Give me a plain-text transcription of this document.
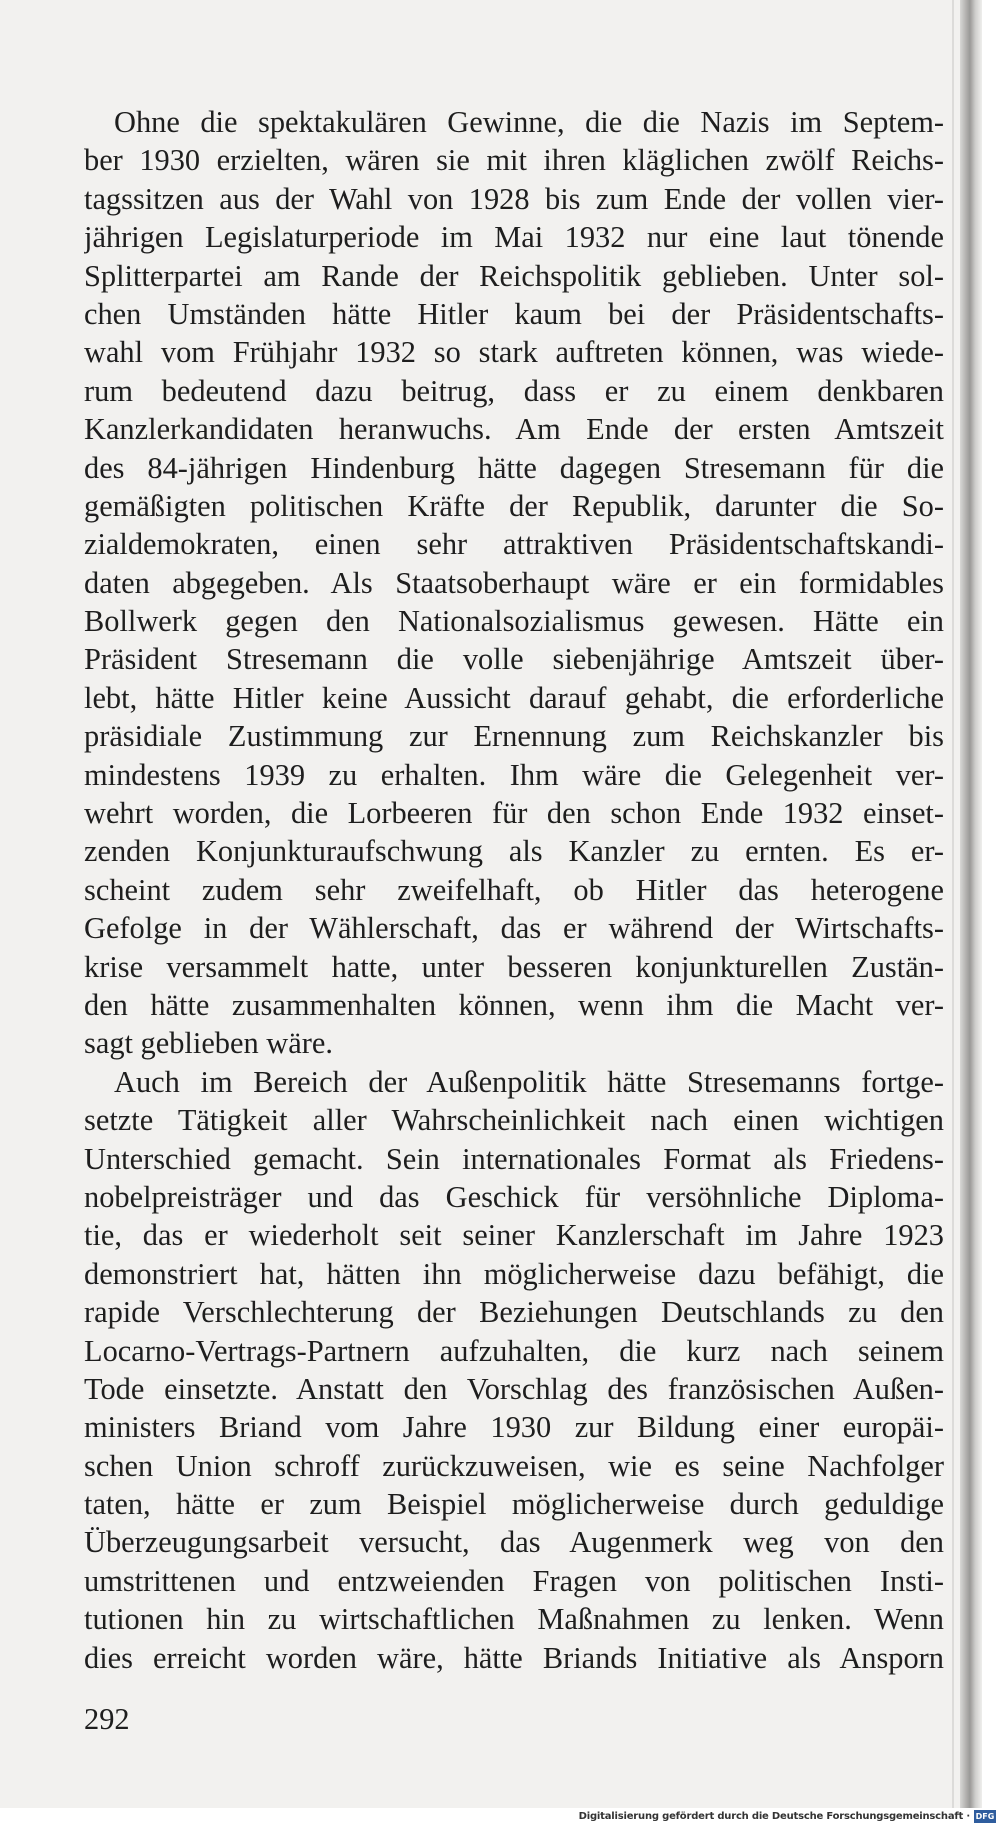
Ohne die spektakulären Gewinne, die die Nazis im Septem-
ber 1930 erzielten, wären sie mit ihren kläglichen zwölf Reichs-
tagssitzen aus der Wahl von 1928 bis zum Ende der vollen vier-
jährigen Legislaturperiode im Mai 1932 nur eine laut tönende
Splitterpartei am Rande der Reichspolitik geblieben. Unter sol-
chen Umständen hätte Hitler kaum bei der Präsidentschafts-
wahl vom Frühjahr 1932 so stark auftreten können, was wiede-
rum bedeutend dazu beitrug, dass er zu einem denkbaren
Kanzlerkandidaten heranwuchs. Am Ende der ersten Amtszeit
des 84-jährigen Hindenburg hätte dagegen Stresemann für die
gemäßigten politischen Kräfte der Republik, darunter die So-
zialdemokraten, einen sehr attraktiven Präsidentschaftskandi-
daten abgegeben. Als Staatsoberhaupt wäre er ein formidables
Bollwerk gegen den Nationalsozialismus gewesen. Hätte ein
Präsident Stresemann die volle siebenjährige Amtszeit über-
lebt, hätte Hitler keine Aussicht darauf gehabt, die erforderliche
präsidiale Zustimmung zur Ernennung zum Reichskanzler bis
mindestens 1939 zu erhalten. Ihm wäre die Gelegenheit ver-
wehrt worden, die Lorbeeren für den schon Ende 1932 einset-
zenden Konjunkturaufschwung als Kanzler zu ernten. Es er-
scheint zudem sehr zweifelhaft, ob Hitler das heterogene
Gefolge in der Wählerschaft, das er während der Wirtschafts-
krise versammelt hatte, unter besseren konjunkturellen Zustän-
den hätte zusammenhalten können, wenn ihm die Macht ver-
sagt geblieben wäre.
Auch im Bereich der Außenpolitik hätte Stresemanns fortge-
setzte Tätigkeit aller Wahrscheinlichkeit nach einen wichtigen
Unterschied gemacht. Sein internationales Format als Friedens-
nobelpreisträger und das Geschick für versöhnliche Diploma-
tie, das er wiederholt seit seiner Kanzlerschaft im Jahre 1923
demonstriert hat, hätten ihn möglicherweise dazu befähigt, die
rapide Verschlechterung der Beziehungen Deutschlands zu den
Locarno-Vertrags-Partnern aufzuhalten, die kurz nach seinem
Tode einsetzte. Anstatt den Vorschlag des französischen Außen-
ministers Briand vom Jahre 1930 zur Bildung einer europäi-
schen Union schroff zurückzuweisen, wie es seine Nachfolger
taten, hätte er zum Beispiel möglicherweise durch geduldige
Überzeugungsarbeit versucht, das Augenmerk weg von den
umstrittenen und entzweienden Fragen von politischen Insti-
tutionen hin zu wirtschaftlichen Maßnahmen zu lenken. Wenn
dies erreicht worden wäre, hätte Briands Initiative als Ansporn
292
Digitalisierung gefördert durch die Deutsche Forschungsgemeinschaft · DFG
